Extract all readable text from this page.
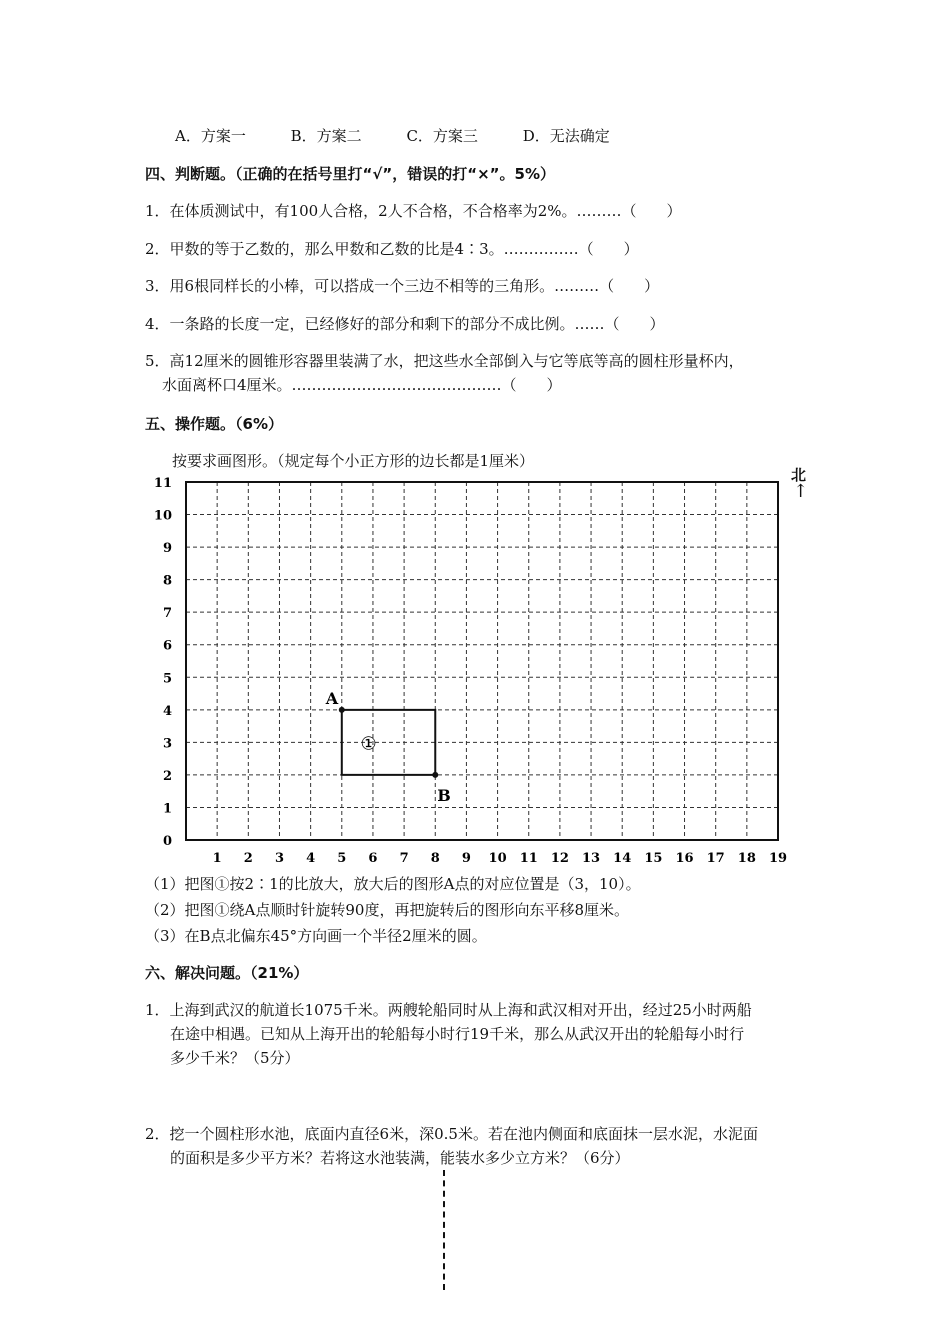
A．方案一	B．方案二	C．方案三	D．无法确定
四、判断题。（正确的在括号里打“√”，错误的打“×”。5%）
1．在体质测试中，有100人合格，2人不合格，不合格率为2%。………（　　）
2．甲数的等于乙数的，那么甲数和乙数的比是4∶3。……………（　　）
3．用6根同样长的小棒，可以搭成一个三边不相等的三角形。………（　　）
4．一条路的长度一定，已经修好的部分和剩下的部分不成比例。……（　　）
5．高12厘米的圆锥形容器里装满了水，把这些水全部倒入与它等底等高的圆柱形量杯内，
水面离杯口4厘米。……………………………………（　　）
五、操作题。（6%）
按要求画图形。（规定每个小正方形的边长都是1厘米）
0
1
2
3
4
5
6
7
8
9
10
11
1 2 3 4 5 6 7 8 9 10 11 12 13 14 15 16 17 18 19
①
A
B
北
↑
（1）把图①按2∶1的比放大，放大后的图形A点的对应位置是（3，10）。
（2）把图①绕A点顺时针旋转90度，再把旋转后的图形向东平移8厘米。
（3）在B点北偏东45°方向画一个半径2厘米的圆。
六、解决问题。（21%）
1．上海到武汉的航道长1075千米。两艘轮船同时从上海和武汉相对开出，经过25小时两船
在途中相遇。已知从上海开出的轮船每小时行19千米，那么从武汉开出的轮船每小时行
多少千米？（5分）
2．挖一个圆柱形水池，底面内直径6米，深0.5米。若在池内侧面和底面抹一层水泥，水泥面
的面积是多少平方米？若将这水池装满，能装水多少立方米？（6分）
